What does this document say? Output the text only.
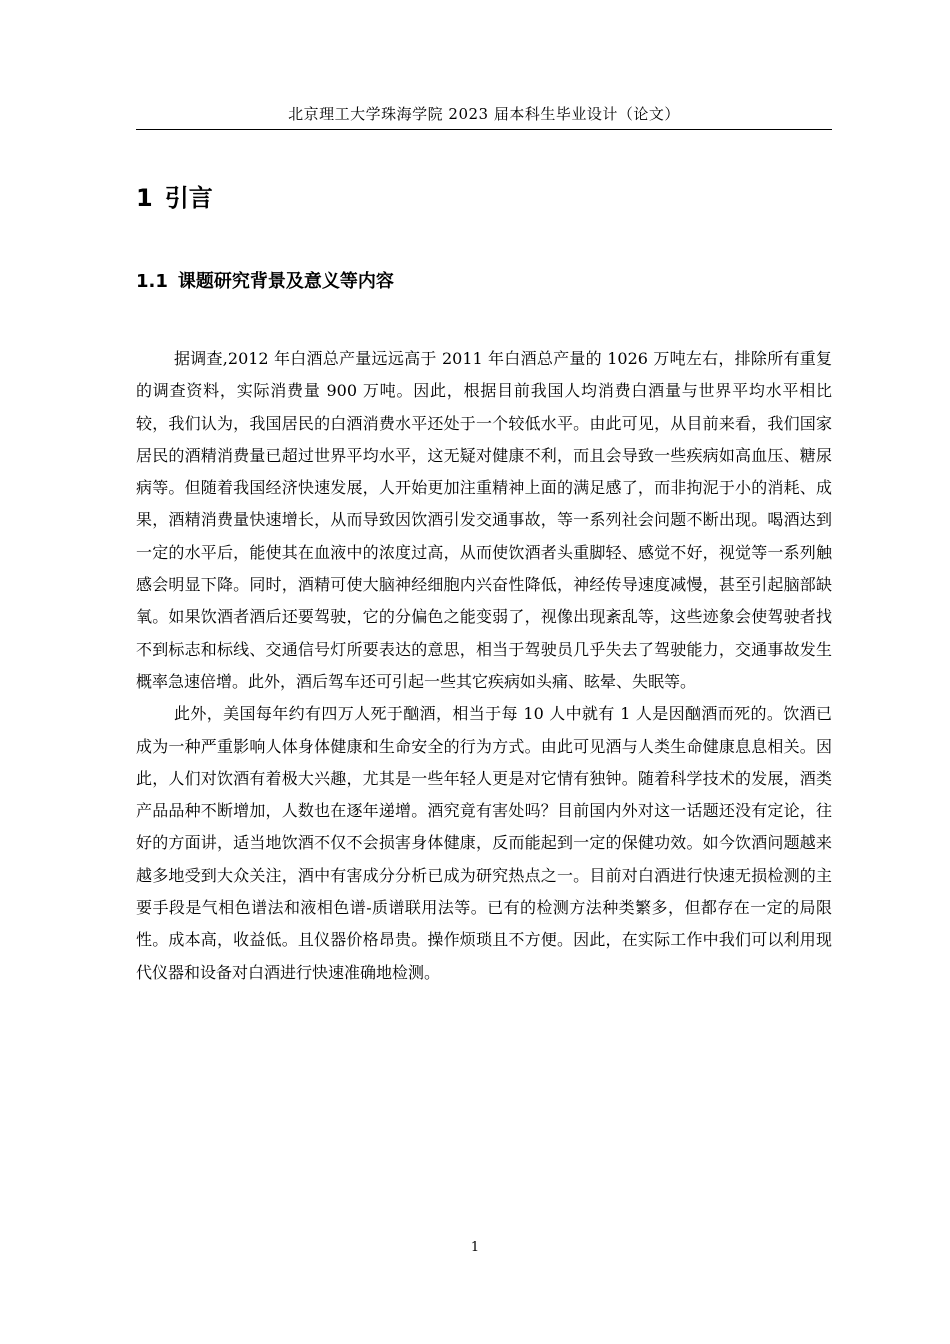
北京理工大学珠海学院 2023 届本科生毕业设计（论文）
1 引言
1.1 课题研究背景及意义等内容

据调查,2012 年白酒总产量远远高于 2011 年白酒总产量的 1026 万吨左右，排除所有重复的调查资料，实际消费量 900 万吨。因此，根据目前我国人均消费白酒量与世界平均水平相比较，我们认为，我国居民的白酒消费水平还处于一个较低水平。由此可见，从目前来看，我们国家居民的酒精消费量已超过世界平均水平，这无疑对健康不利，而且会导致一些疾病如高血压、糖尿病等。但随着我国经济快速发展，人开始更加注重精神上面的满足感了，而非拘泥于小的消耗、成果，酒精消费量快速增长，从而导致因饮酒引发交通事故，等一系列社会问题不断出现。喝酒达到一定的水平后，能使其在血液中的浓度过高，从而使饮酒者头重脚轻、感觉不好，视觉等一系列触感会明显下降。同时，酒精可使大脑神经细胞内兴奋性降低，神经传导速度减慢，甚至引起脑部缺氧。如果饮酒者酒后还要驾驶，它的分偏色之能变弱了，视像出现紊乱等，这些迹象会使驾驶者找不到标志和标线、交通信号灯所要表达的意思，相当于驾驶员几乎失去了驾驶能力，交通事故发生概率急速倍增。此外，酒后驾车还可引起一些其它疾病如头痛、眩晕、失眠等。

此外，美国每年约有四万人死于酗酒，相当于每 10 人中就有 1 人是因酗酒而死的。饮酒已成为一种严重影响人体身体健康和生命安全的行为方式。由此可见酒与人类生命健康息息相关。因此，人们对饮酒有着极大兴趣，尤其是一些年轻人更是对它情有独钟。随着科学技术的发展，酒类产品品种不断增加，人数也在逐年递增。酒究竟有害处吗？目前国内外对这一话题还没有定论，往好的方面讲，适当地饮酒不仅不会损害身体健康，反而能起到一定的保健功效。如今饮酒问题越来越多地受到大众关注，酒中有害成分分析已成为研究热点之一。目前对白酒进行快速无损检测的主要手段是气相色谱法和液相色谱-质谱联用法等。已有的检测方法种类繁多，但都存在一定的局限性。成本高，收益低。且仪器价格昂贵。操作烦琐且不方便。因此，在实际工作中我们可以利用现代仪器和设备对白酒进行快速准确地检测。

1
